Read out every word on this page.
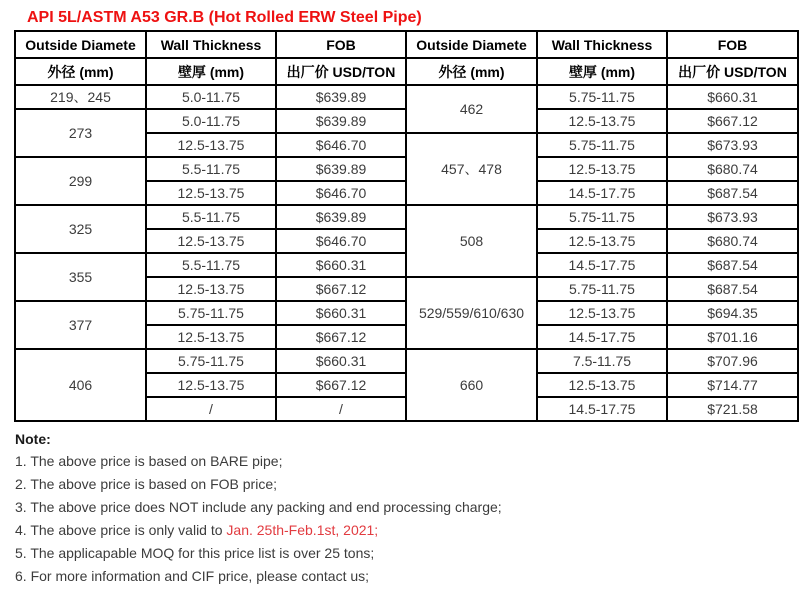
API 5L/ASTM A53 GR.B (Hot Rolled ERW Steel Pipe)
Outside Diamete	Wall Thickness	FOB	Outside Diamete	Wall Thickness	FOB
外径 (mm)	壁厚 (mm)	出厂价 USD/TON	外径 (mm)	壁厚 (mm)	出厂价 USD/TON
219、245	5.0-11.75	$639.89	462	5.75-11.75	$660.31
273	5.0-11.75	$639.89		12.5-13.75	$667.12
	12.5-13.75	$646.70	457、478	5.75-11.75	$673.93
299	5.5-11.75	$639.89		12.5-13.75	$680.74
	12.5-13.75	$646.70		14.5-17.75	$687.54
325	5.5-11.75	$639.89	508	5.75-11.75	$673.93
	12.5-13.75	$646.70		12.5-13.75	$680.74
355	5.5-11.75	$660.31		14.5-17.75	$687.54
	12.5-13.75	$667.12	529/559/610/630	5.75-11.75	$687.54
377	5.75-11.75	$660.31		12.5-13.75	$694.35
	12.5-13.75	$667.12		14.5-17.75	$701.16
406	5.75-11.75	$660.31	660	7.5-11.75	$707.96
	12.5-13.75	$667.12		12.5-13.75	$714.77
	/	/		14.5-17.75	$721.58
Note:

1. The above price is based on BARE pipe;

2. The above price is based on FOB price;

3. The above price does NOT include any packing and end processing charge;

4. The above price is only valid to Jan. 25th-Feb.1st, 2021;

5. The applicapable MOQ for this price list is over 25 tons;

6. For more information and CIF price, please contact us;
